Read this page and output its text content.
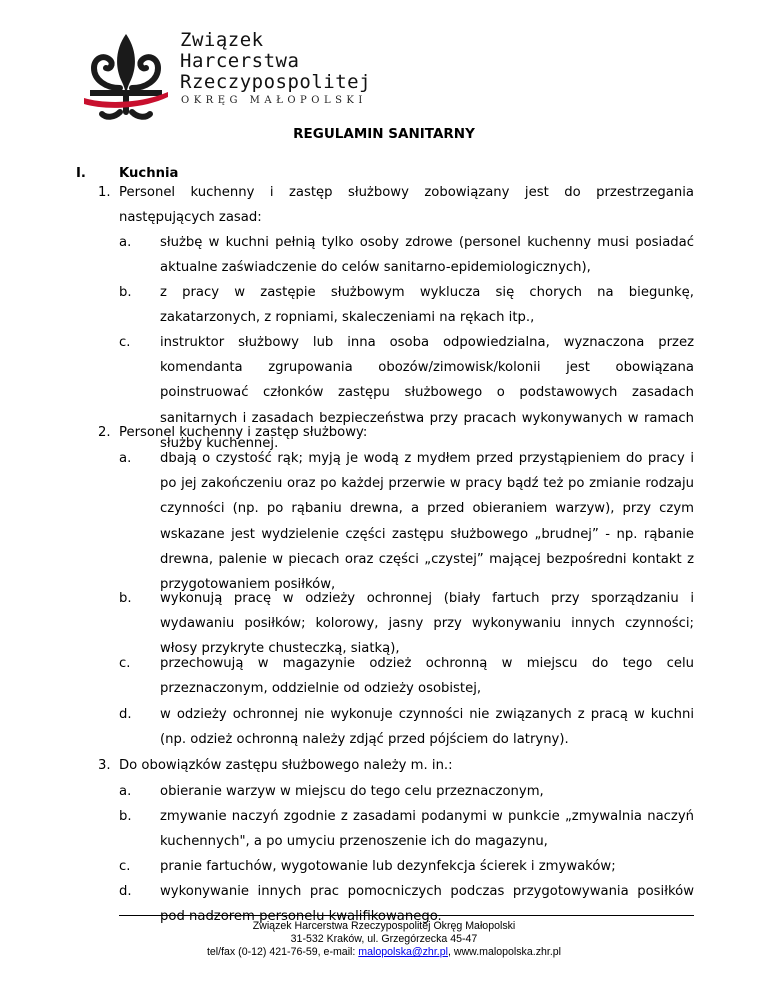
Związek
Harcerstwa
Rzeczypospolitej
OKRĘG MAŁOPOLSKI
REGULAMIN SANITARNY
I.	Kuchnia
1. Personel kuchenny i zastęp służbowy zobowiązany jest do przestrzegania następujących zasad:
a. służbę w kuchni pełnią tylko osoby zdrowe (personel kuchenny musi posiadać aktualne zaświadczenie do celów sanitarno-epidemiologicznych),
b. z pracy w zastępie służbowym wyklucza się chorych na biegunkę, zakatarzonych, z ropniami, skaleczeniami na rękach itp.,
c. instruktor służbowy lub inna osoba odpowiedzialna, wyznaczona przez komendanta zgrupowania obozów/zimowisk/kolonii jest obowiązana poinstruować członków zastępu służbowego o podstawowych zasadach sanitarnych i zasadach bezpieczeństwa przy pracach wykonywanych w ramach służby kuchennej.
2. Personel kuchenny i zastęp służbowy:
a. dbają o czystość rąk; myją je wodą z mydłem przed przystąpieniem do pracy i po jej zakończeniu oraz po każdej przerwie w pracy bądź też po zmianie rodzaju czynności (np. po rąbaniu drewna, a przed obieraniem warzyw), przy czym wskazane jest wydzielenie części zastępu służbowego „brudnej” - np. rąbanie drewna, palenie w piecach oraz części „czystej” mającej bezpośredni kontakt z przygotowaniem posiłków,
b. wykonują pracę w odzieży ochronnej (biały fartuch przy sporządzaniu i wydawaniu posiłków; kolorowy, jasny przy wykonywaniu innych czynności; włosy przykryte chusteczką, siatką),
c. przechowują w magazynie odzież ochronną w miejscu do tego celu przeznaczonym, oddzielnie od odzieży osobistej,
d. w odzieży ochronnej nie wykonuje czynności nie związanych z pracą w kuchni (np. odzież ochronną należy zdjąć przed pójściem do latryny).
3. Do obowiązków zastępu służbowego należy m. in.:
a. obieranie warzyw w miejscu do tego celu przeznaczonym,
b. zmywanie naczyń zgodnie z zasadami podanymi w punkcie „zmywalnia naczyń kuchennych", a po umyciu przenoszenie ich do magazynu,
c. pranie fartuchów, wygotowanie lub dezynfekcja ścierek i zmywaków;
d. wykonywanie innych prac pomocniczych podczas przygotowywania posiłków pod nadzorem personelu kwalifikowanego.
Związek Harcerstwa Rzeczypospolitej Okręg Małopolski
31-532 Kraków, ul. Grzegórzecka 45-47
tel/fax (0-12) 421-76-59, e-mail: malopolska@zhr.pl, www.malopolska.zhr.pl
